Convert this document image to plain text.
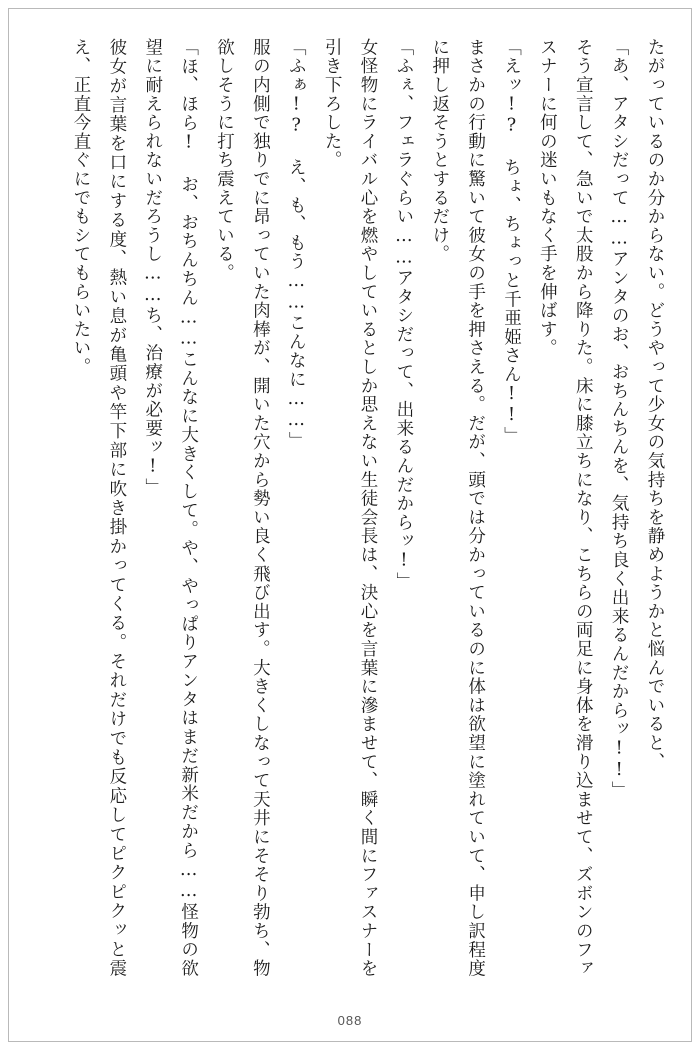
たがっているのか分からない。どうやって少女の気持ちを静めようかと悩んでいると、

「あ、アタシだって……アンタのお、おちんちんを、気持ち良く出来るんだからッ!!」

そう宣言して、急いで太股から降りた。床に膝立ちになり、こちらの両足に身体を滑り込ませて、ズボンのファスナーに何の迷いもなく手を伸ばす。

「えッ!? ちょ、ちょっと千亜姫さん!!」

まさかの行動に驚いて彼女の手を押さえる。だが、頭では分かっているのに体は欲望に塗れていて、申し訳程度に押し返そうとするだけ。

「ふぇ、フェラぐらい……アタシだって、出来るんだからッ!」

女怪物にライバル心を燃やしているとしか思えない生徒会長は、決心を言葉に滲ませて、瞬く間にファスナーを引き下ろした。

「ふぁ!? え、も、もう……こんなに……」

服の内側で独りでに昂っていた肉棒が、開いた穴から勢い良く飛び出す。大きくしなって天井にそそり勃ち、物欲しそうに打ち震えている。

「ほ、ほら! お、おちんちん……こんなに大きくして。や、やっぱりアンタはまだ新米だから……怪物の欲望に耐えられないだろうし……ち、治療が必要ッ!」

彼女が言葉を口にする度、熱い息が亀頭や竿下部に吹き掛かってくる。それだけでも反応してピクピクッと震え、正直今直ぐにでもシてもらいたい。

088
